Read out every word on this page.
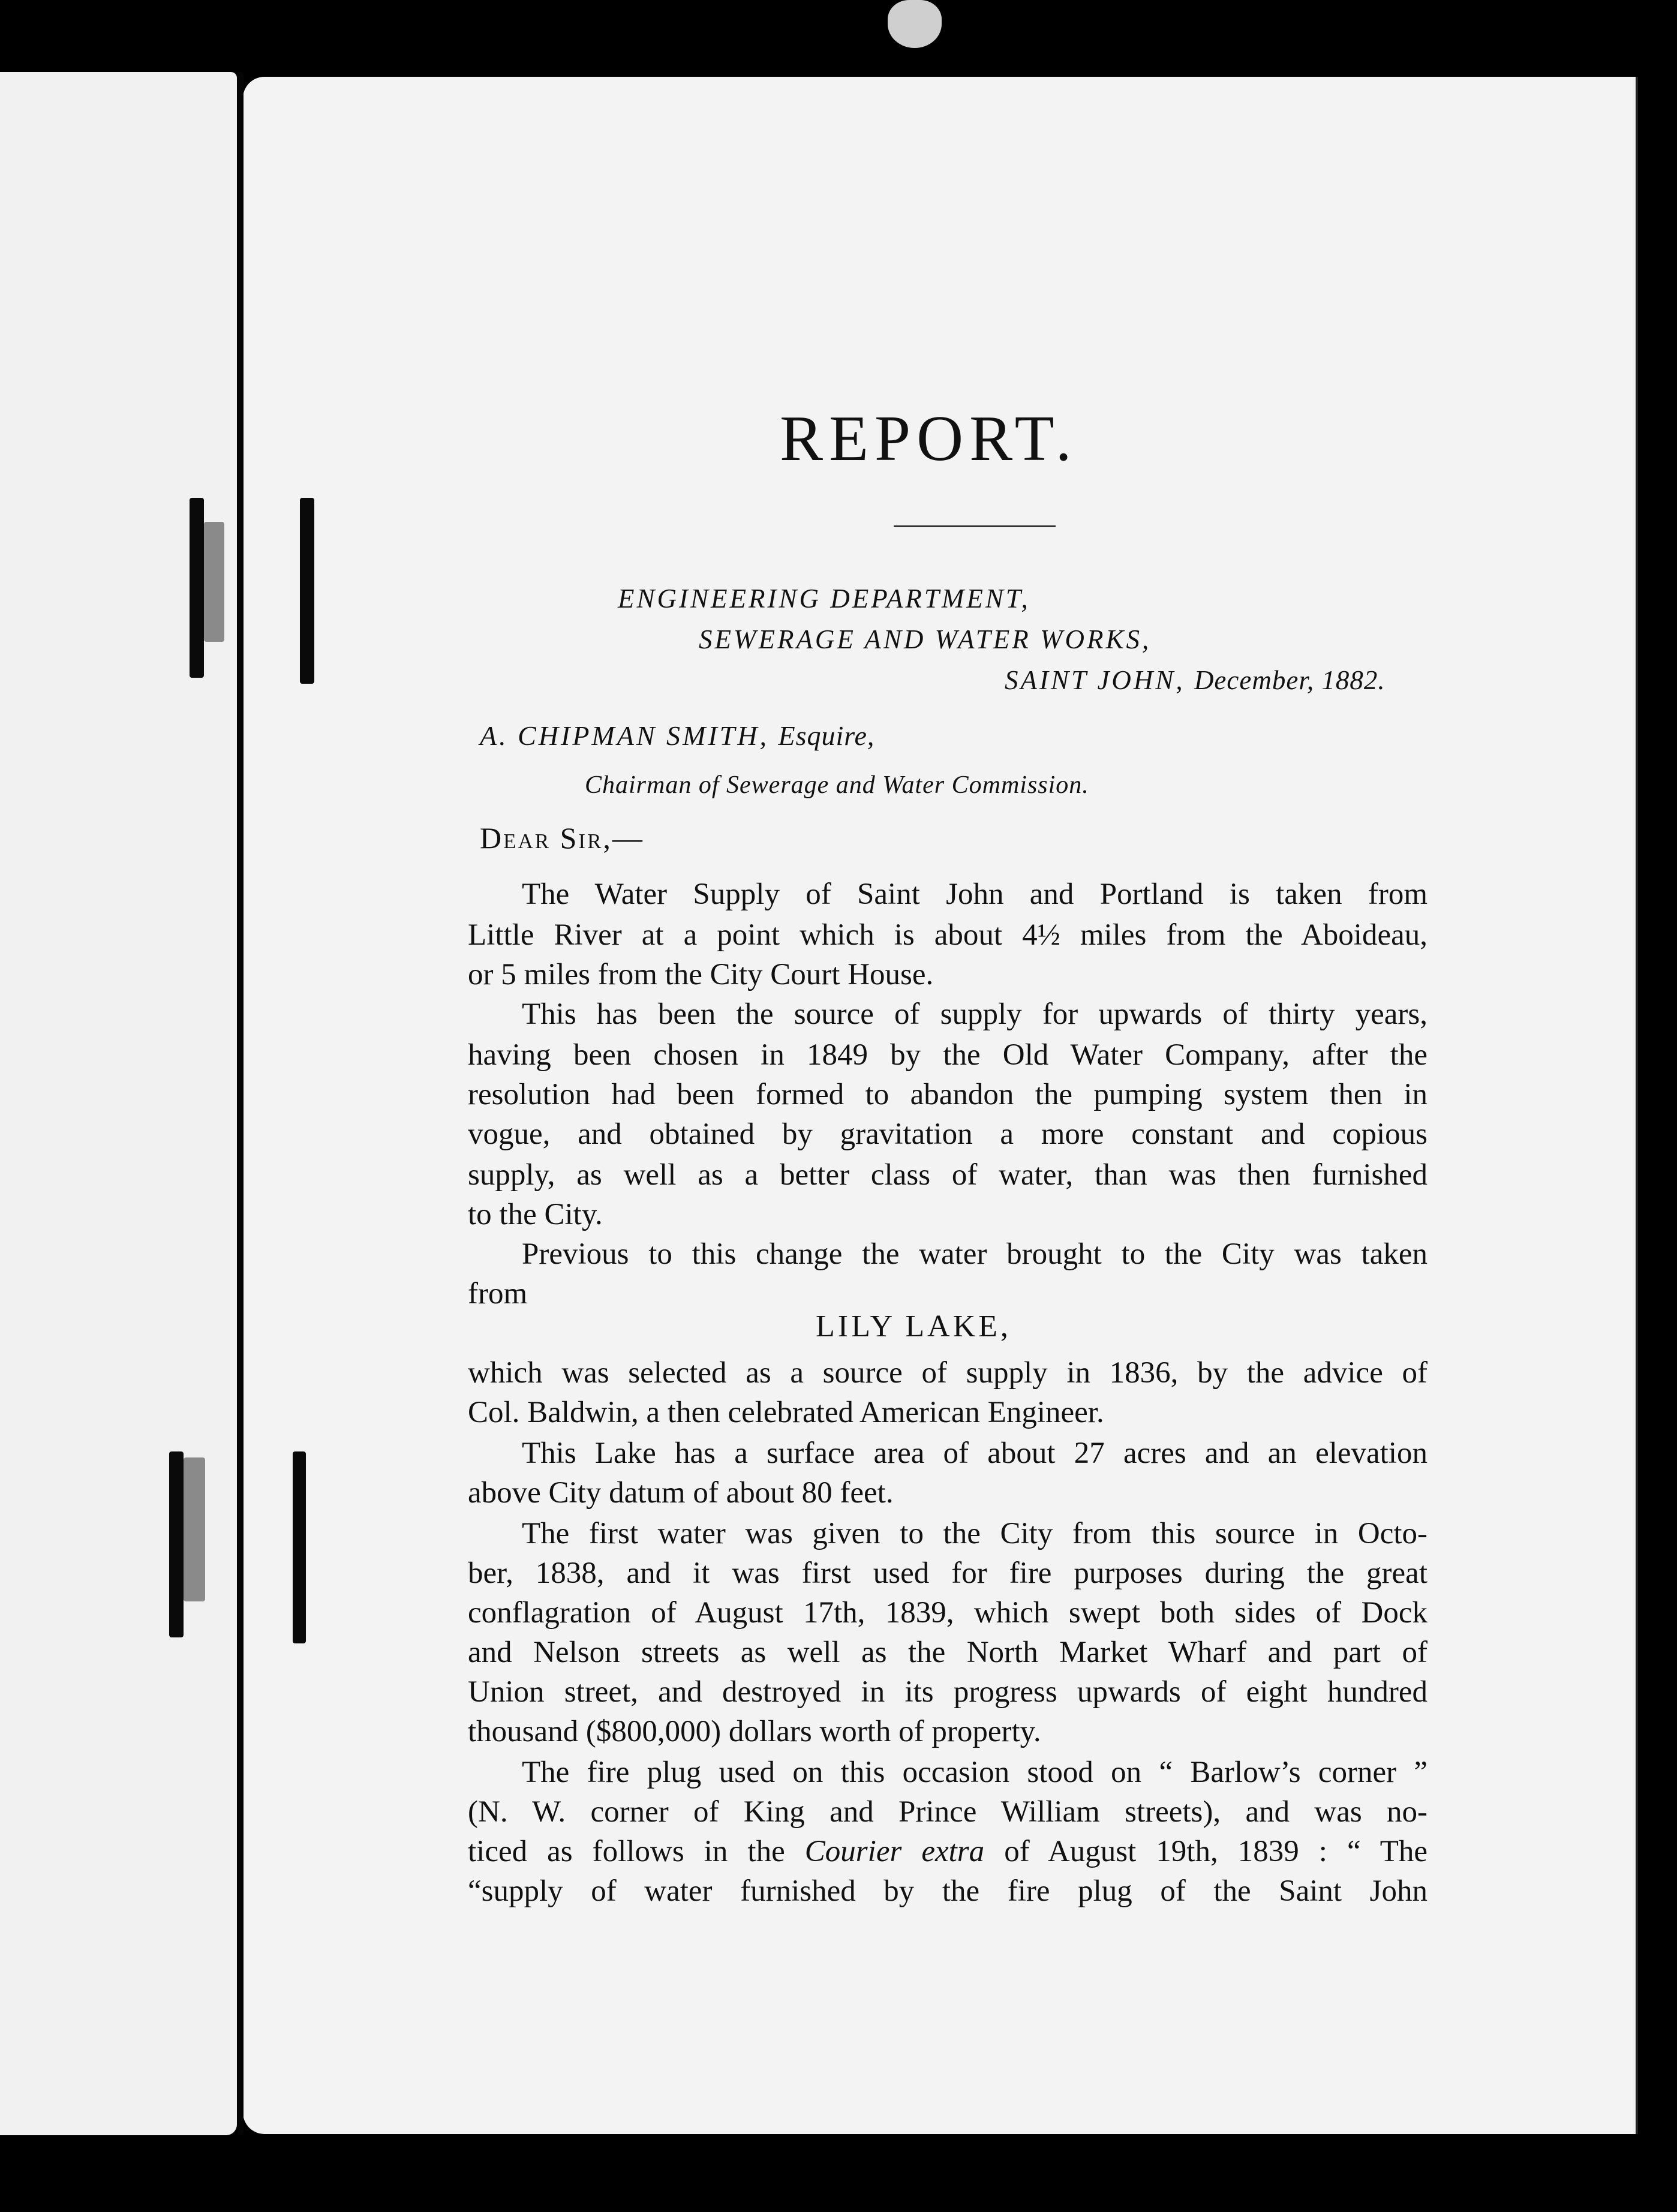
REPORT.
ENGINEERING DEPARTMENT,
SEWERAGE AND WATER WORKS,
SAINT JOHN, December, 1882.
A. CHIPMAN SMITH, Esquire,
Chairman of Sewerage and Water Commission.
Dear Sir,—
The Water Supply of Saint John and Portland is taken from
Little River at a point which is about 4½ miles from the Aboideau,
or 5 miles from the City Court House.
This has been the source of supply for upwards of thirty years,
having been chosen in 1849 by the Old Water Company, after the
resolution had been formed to abandon the pumping system then in
vogue, and obtained by gravitation a more constant and copious
supply, as well as a better class of water, than was then furnished
to the City.
Previous to this change the water brought to the City was taken
from
LILY LAKE,
which was selected as a source of supply in 1836, by the advice of
Col. Baldwin, a then celebrated American Engineer.
This Lake has a surface area of about 27 acres and an elevation
above City datum of about 80 feet.
The first water was given to the City from this source in Octo-
ber, 1838, and it was first used for fire purposes during the great
conflagration of August 17th, 1839, which swept both sides of Dock
and Nelson streets as well as the North Market Wharf and part of
Union street, and destroyed in its progress upwards of eight hundred
thousand ($800,000) dollars worth of property.
The fire plug used on this occasion stood on “ Barlow’s corner ”
(N. W. corner of King and Prince William streets), and was no-
ticed as follows in the Courier extra of August 19th, 1839 : “ The
“supply of water furnished by the fire plug of the Saint John
